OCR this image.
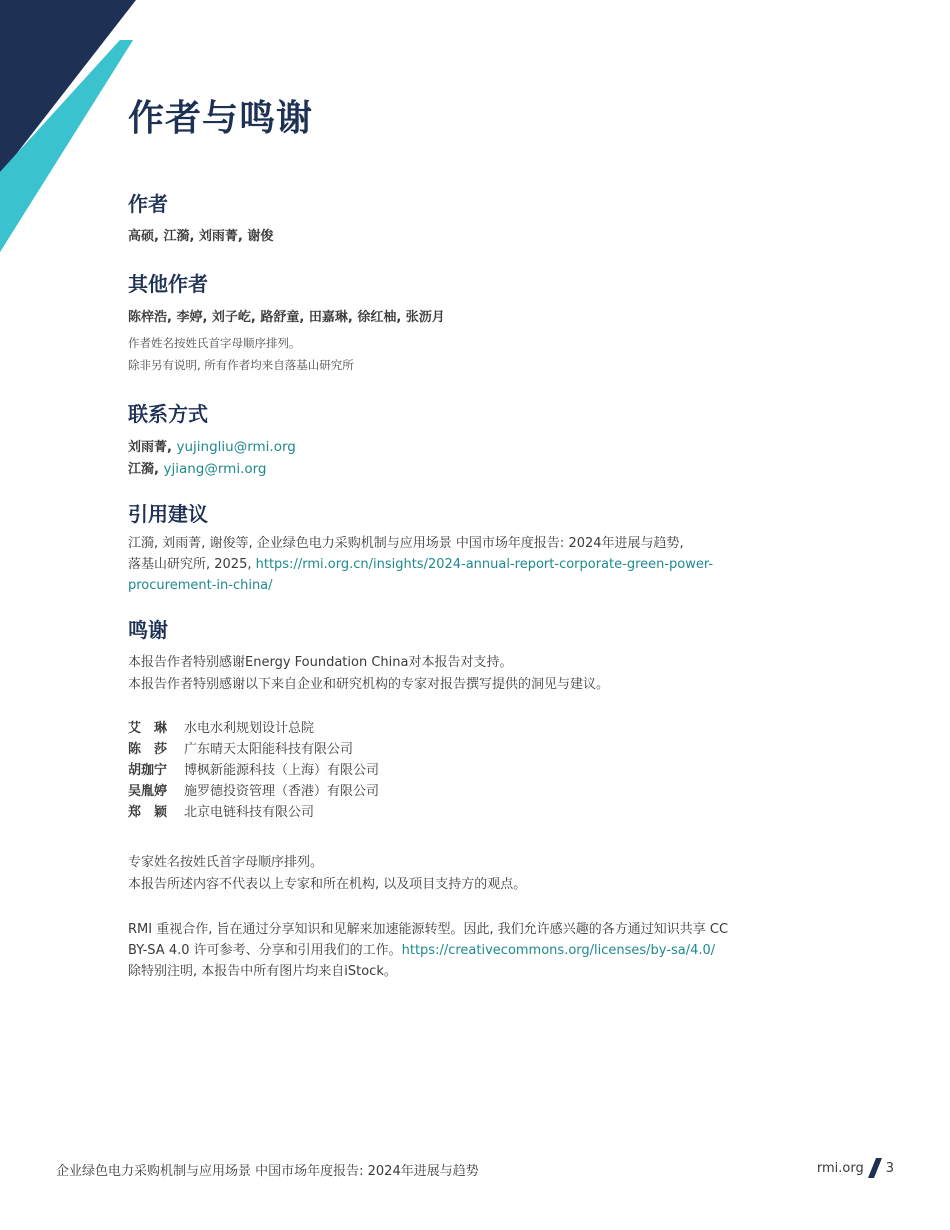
作者与鸣谢
作者
高硕, 江漪, 刘雨菁, 谢俊
其他作者
陈梓浩, 李婷, 刘子屹, 路舒童, 田嘉琳, 徐红柚, 张沥月
作者姓名按姓氏首字母顺序排列。
除非另有说明, 所有作者均来自落基山研究所
联系方式
刘雨菁, yujingliu@rmi.org
江漪, yjiang@rmi.org
引用建议
江漪, 刘雨菁, 谢俊等, 企业绿色电力采购机制与应用场景 中国市场年度报告: 2024年进展与趋势,
落基山研究所, 2025, https://rmi.org.cn/insights/2024-annual-report-corporate-green-power-
procurement-in-china/
鸣谢
本报告作者特别感谢Energy Foundation China对本报告对支持。
本报告作者特别感谢以下来自企业和研究机构的专家对报告撰写提供的洞见与建议。
艾　琳 水电水利规划设计总院
陈　莎 广东晴天太阳能科技有限公司
胡珈宁 博枫新能源科技（上海）有限公司
吴胤婷 施罗德投资管理（香港）有限公司
郑　颖 北京电链科技有限公司
专家姓名按姓氏首字母顺序排列。
本报告所述内容不代表以上专家和所在机构, 以及项目支持方的观点。
RMI 重视合作, 旨在通过分享知识和见解来加速能源转型。因此, 我们允许感兴趣的各方通过知识共享 CC
BY-SA 4.0 许可参考、分享和引用我们的工作。https://creativecommons.org/licenses/by-sa/4.0/
除特别注明, 本报告中所有图片均来自iStock。
企业绿色电力采购机制与应用场景 中国市场年度报告: 2024年进展与趋势	rmi.org 3
